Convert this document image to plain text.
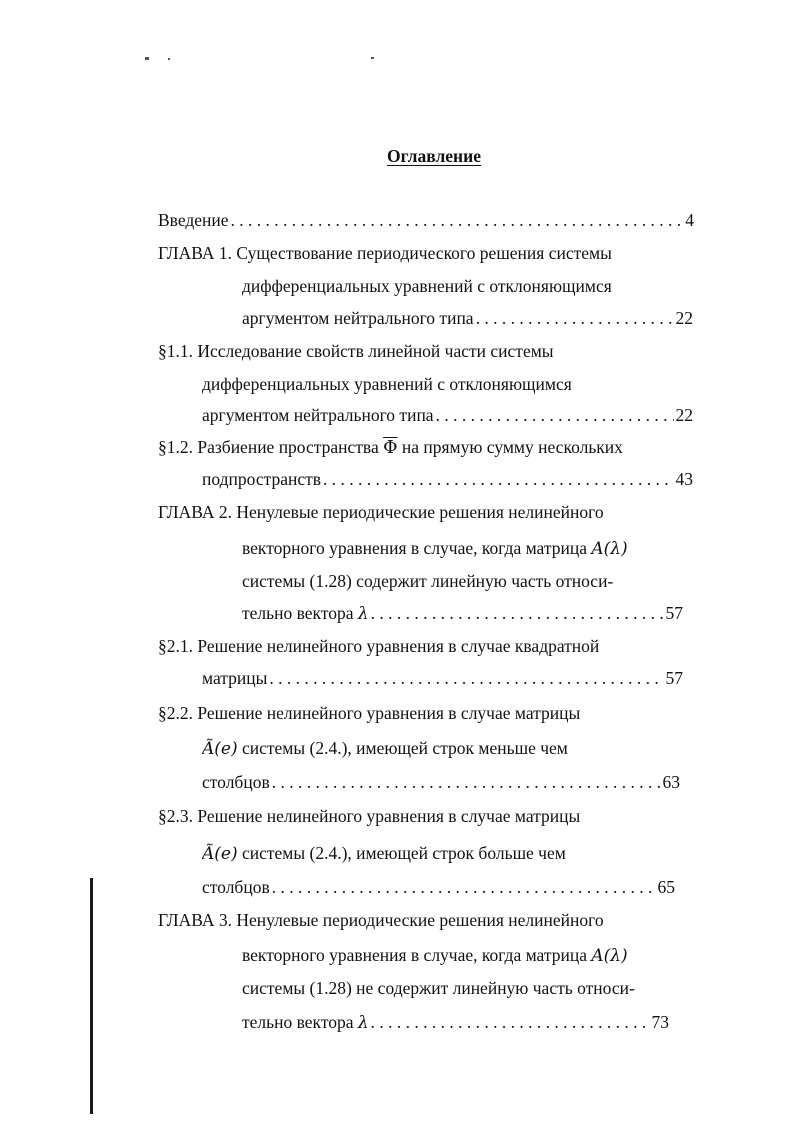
Оглавление
Введение . . .	4
ГЛАВА 1. Существование периодического решения системы
дифференциальных уравнений с отклоняющимся
аргументом нейтрального типа . . .	22
§1.1. Исследование свойств линейной части системы
дифференциальных уравнений с отклоняющимся
аргументом нейтрального типа . . .	22
§1.2. Разбиение пространства $\overline{\Phi}$ на прямую сумму нескольких
подпространств . . .	43
ГЛАВА 2. Ненулевые периодические решения нелинейного
векторного уравнения в случае, когда матрица A(λ)
системы (1.28) содержит линейную часть относи-
тельно вектора λ . . .	57
§2.1. Решение нелинейного уравнения в случае квадратной
матрицы . . .	57
§2.2. Решение нелинейного уравнения в случае матрицы
Ã(e) системы (2.4.), имеющей строк меньше чем
столбцов . . .	63
§2.3. Решение нелинейного уравнения в случае матрицы
Ã(e) системы (2.4.), имеющей строк больше чем
столбцов . . .	65
ГЛАВА 3. Ненулевые периодические решения нелинейного
векторного уравнения в случае, когда матрица A(λ)
системы (1.28) не содержит линейную часть относи-
тельно вектора λ . . .	73
